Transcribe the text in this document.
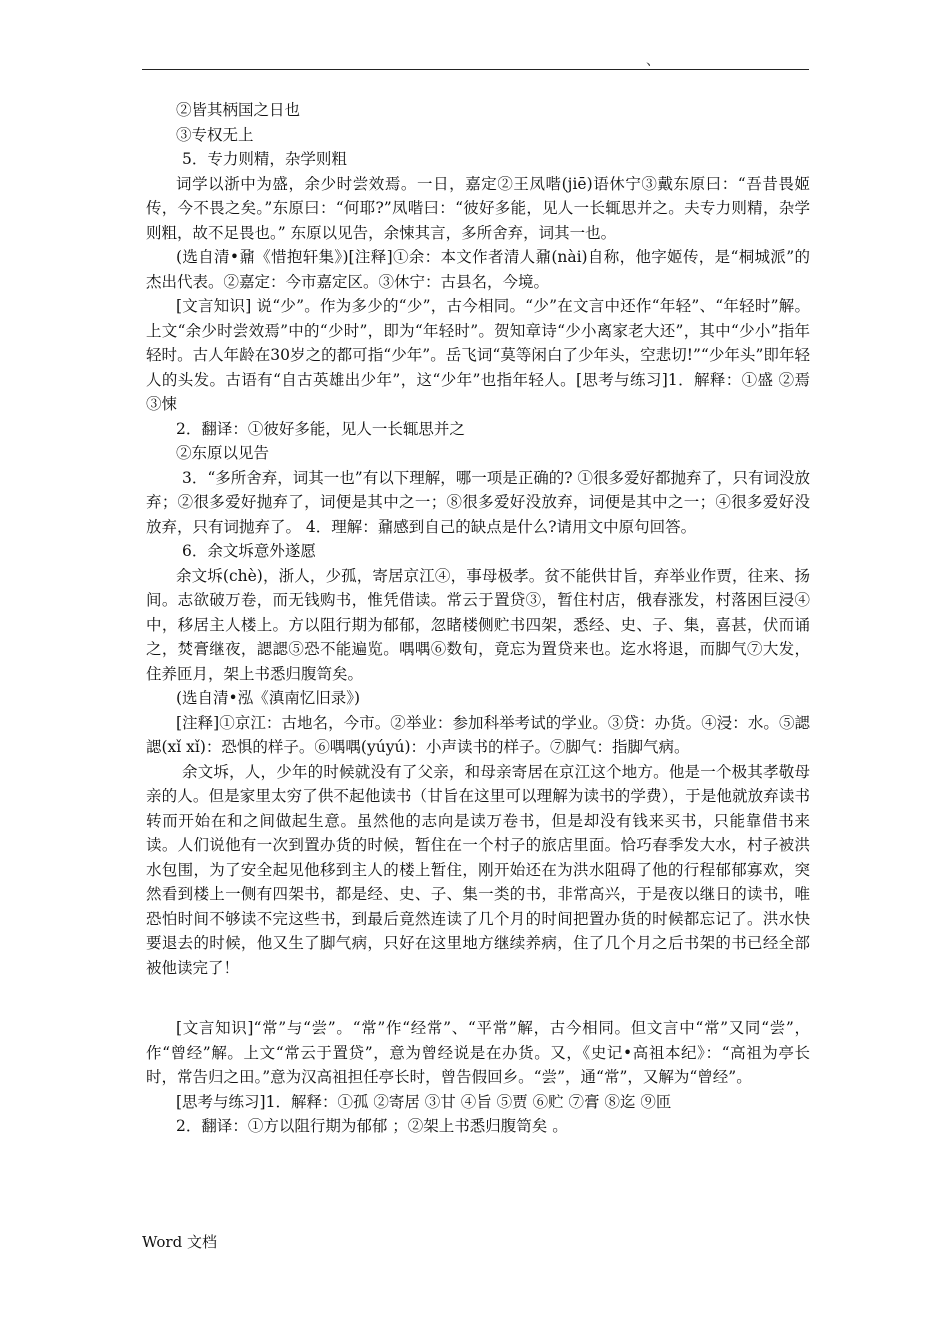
、

②皆其柄国之日也

③专权无上

5．专力则精，杂学则粗

词学以浙中为盛，余少时尝效焉。一日，嘉定②王凤喈(jiē)语休宁③戴东原曰：“吾昔畏姬传，今不畏之矣。”东原曰：“何耶?”凤喈曰：“彼好多能，见人一长辄思并之。夫专力则精，杂学则粗，故不足畏也。” 东原以见告，余悚其言，多所舍弃，词其一也。

(选自清•鼐《惜抱轩集》)[注释]①余：本文作者清人鼐(nài)自称，他字姬传，是“桐城派”的杰出代表。②嘉定：今市嘉定区。③休宁：古县名，今境。

[文言知识] 说“少”。作为多少的“少”，古今相同。“少”在文言中还作“年轻”、“年轻时”解。上文“余少时尝效焉”中的“少时”，即为“年轻时”。贺知章诗“少小离家老大还”，其中“少小”指年轻时。古人年龄在30岁之的都可指“少年”。岳飞词“莫等闲白了少年头，空悲切!”“少年头”即年轻人的头发。古语有“自古英雄出少年”，这“少年”也指年轻人。[思考与练习]1．解释：①盛 ②焉 ③悚

2．翻译：①彼好多能，见人一长辄思并之

②东原以见告

3．“多所舍弃，词其一也”有以下理解，哪一项是正确的? ①很多爱好都抛弃了，只有词没放弃；②很多爱好抛弃了，词便是其中之一；⑧很多爱好没放弃，词便是其中之一；④很多爱好没放弃，只有词抛弃了。 4．理解：鼐感到自己的缺点是什么?请用文中原句回答。

6．余文坼意外遂愿

余文坼(chè)，浙人，少孤，寄居京江④，事母极孝。贫不能供甘旨，弃举业作贾，往来、扬间。志欲破万卷，而无钱购书，惟凭借读。常云于置贷③，暂住村店，俄春涨发，村落困巨浸④中，移居主人楼上。方以阻行期为郁郁，忽睹楼侧贮书四架，悉经、史、子、集，喜甚，伏而诵之，焚膏继夜，諰諰⑤恐不能遍览。喁喁⑥数旬，竟忘为置贷来也。迄水将退，而脚气⑦大发，住养匝月，架上书悉归腹笥矣。

(选自清•泓《滇南忆旧录》)

[注释]①京江：古地名，今市。②举业：参加科举考试的学业。③贷：办货。④浸：水。⑤諰諰(xǐ xǐ)：恐惧的样子。⑥喁喁(yúyú)：小声读书的样子。⑦脚气：指脚气病。

余文坼，人，少年的时候就没有了父亲，和母亲寄居在京江这个地方。他是一个极其孝敬母亲的人。但是家里太穷了供不起他读书（甘旨在这里可以理解为读书的学费），于是他就放弃读书转而开始在和之间做起生意。虽然他的志向是读万卷书，但是却没有钱来买书，只能靠借书来读。人们说他有一次到置办货的时候，暂住在一个村子的旅店里面。恰巧春季发大水，村子被洪水包围，为了安全起见他移到主人的楼上暂住，刚开始还在为洪水阻碍了他的行程郁郁寡欢，突然看到楼上一侧有四架书，都是经、史、子、集一类的书，非常高兴，于是夜以继日的读书，唯恐怕时间不够读不完这些书，到最后竟然连读了几个月的时间把置办货的时候都忘记了。洪水快要退去的时候，他又生了脚气病，只好在这里地方继续养病，住了几个月之后书架的书已经全部被他读完了！

[文言知识]“常”与“尝”。“常”作“经常”、“平常”解，古今相同。但文言中“常”又同“尝”，作“曾经”解。上文“常云于置贷”，意为曾经说是在办货。又，《史记•高祖本纪》：“高祖为亭长时，常告归之田。”意为汉高祖担任亭长时，曾告假回乡。“尝”，通“常”，又解为“曾经”。

[思考与练习]1．解释：①孤 ②寄居 ③甘 ④旨 ⑤贾 ⑥贮 ⑦膏 ⑧迄 ⑨匝

2．翻译：①方以阻行期为郁郁 ；②架上书悉归腹笥矣 。

Word 文档
